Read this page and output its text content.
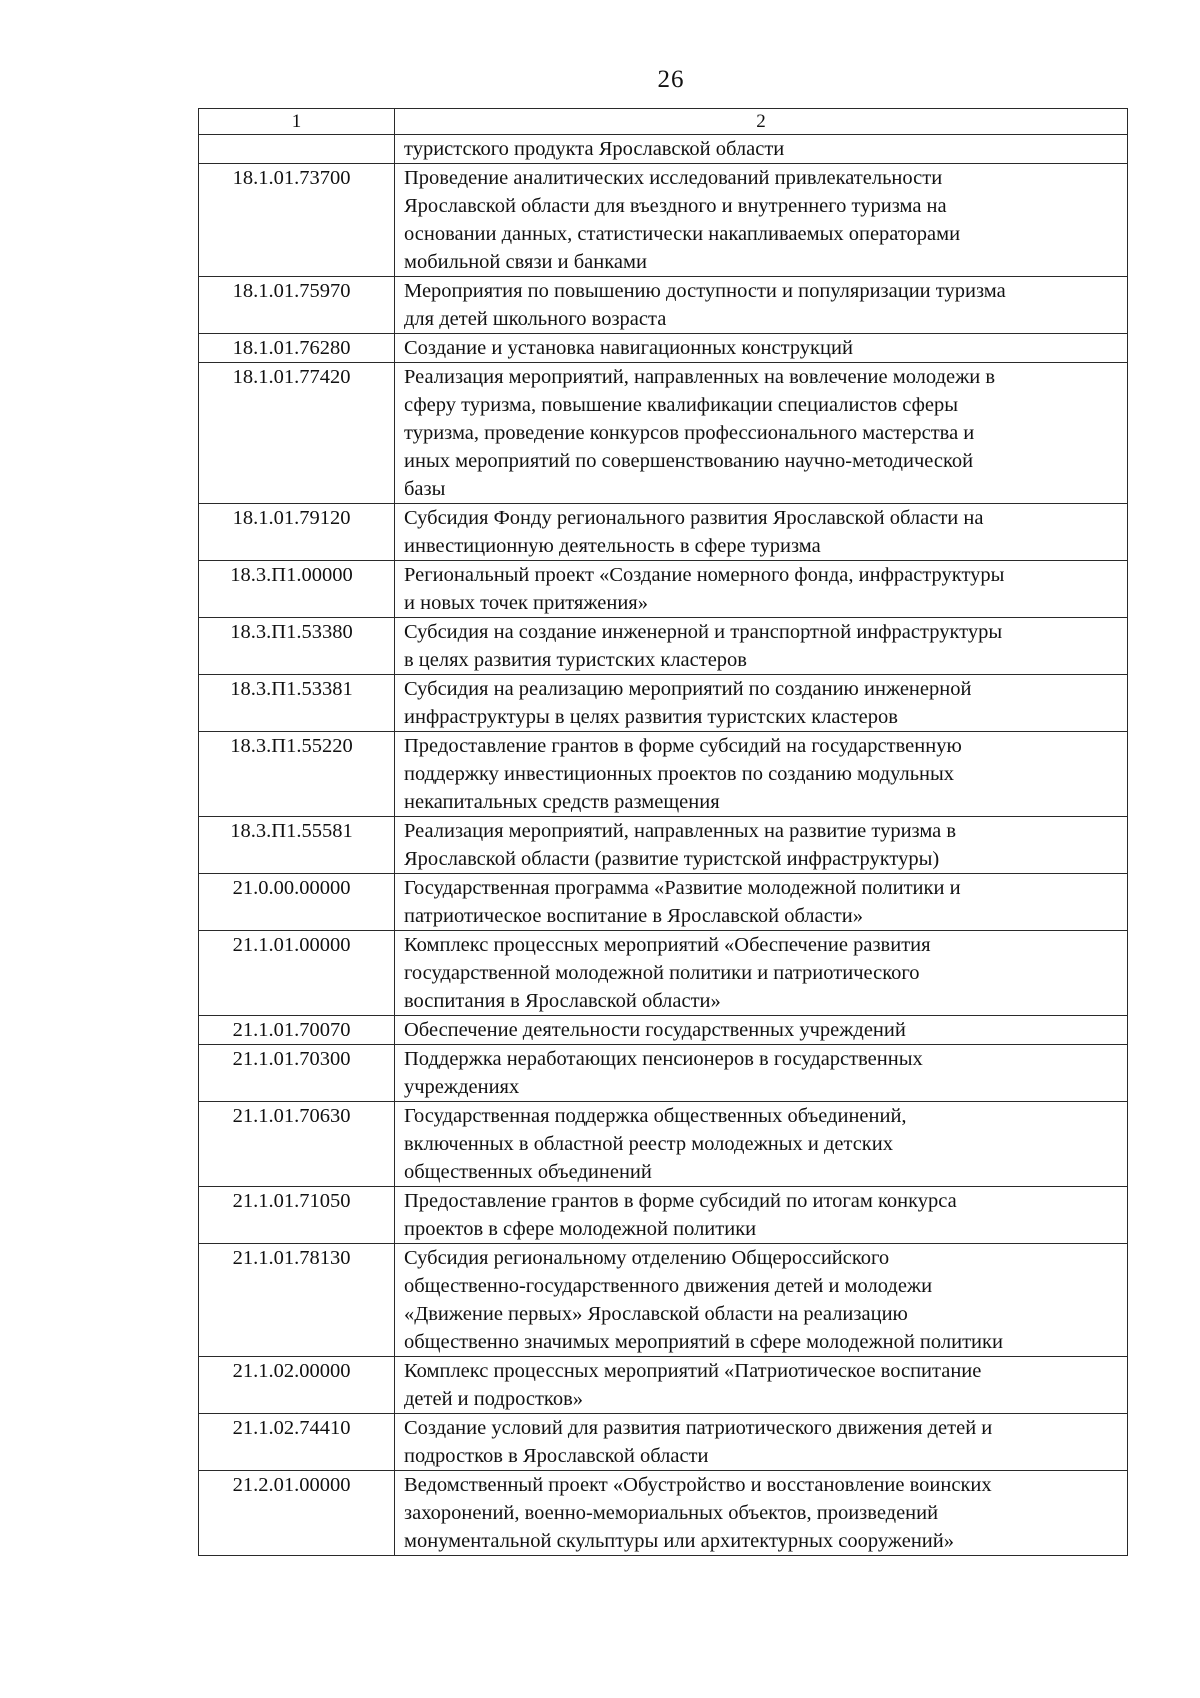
26
1	2

	туристского продукта Ярославской области

18.1.01.73700	Проведение аналитических исследований привлекательности
Ярославской области для въездного и внутреннего туризма на
основании данных, статистически накапливаемых операторами
мобильной связи и банками

18.1.01.75970	Мероприятия по повышению доступности и популяризации туризма
для детей школьного возраста

18.1.01.76280	Создание и установка навигационных конструкций

18.1.01.77420	Реализация мероприятий, направленных на вовлечение молодежи в
сферу туризма, повышение квалификации специалистов сферы
туризма, проведение конкурсов профессионального мастерства и
иных мероприятий по совершенствованию научно-методической
базы

18.1.01.79120	Субсидия Фонду регионального развития Ярославской области на
инвестиционную деятельность в сфере туризма

18.3.П1.00000	Региональный проект «Создание номерного фонда, инфраструктуры
и новых точек притяжения»

18.3.П1.53380	Субсидия на создание инженерной и транспортной инфраструктуры
в целях развития туристских кластеров

18.3.П1.53381	Субсидия на реализацию мероприятий по созданию инженерной
инфраструктуры в целях развития туристских кластеров

18.3.П1.55220	Предоставление грантов в форме субсидий на государственную
поддержку инвестиционных проектов по созданию модульных
некапитальных средств размещения

18.3.П1.55581	Реализация мероприятий, направленных на развитие туризма в
Ярославской области (развитие туристской инфраструктуры)

21.0.00.00000	Государственная программа «Развитие молодежной политики и
патриотическое воспитание в Ярославской области»

21.1.01.00000	Комплекс процессных мероприятий «Обеспечение развития
государственной молодежной политики и патриотического
воспитания в Ярославской области»

21.1.01.70070	Обеспечение деятельности государственных учреждений

21.1.01.70300	Поддержка неработающих пенсионеров в государственных
учреждениях

21.1.01.70630	Государственная поддержка общественных объединений,
включенных в областной реестр молодежных и детских
общественных объединений

21.1.01.71050	Предоставление грантов в форме субсидий по итогам конкурса
проектов в сфере молодежной политики

21.1.01.78130	Субсидия региональному отделению Общероссийского
общественно-государственного движения детей и молодежи
«Движение первых» Ярославской области на реализацию
общественно значимых мероприятий в сфере молодежной политики

21.1.02.00000	Комплекс процессных мероприятий «Патриотическое воспитание
детей и подростков»

21.1.02.74410	Создание условий для развития патриотического движения детей и
подростков в Ярославской области

21.2.01.00000	Ведомственный проект «Обустройство и восстановление воинских
захоронений, военно-мемориальных объектов, произведений
монументальной скульптуры или архитектурных сооружений»
